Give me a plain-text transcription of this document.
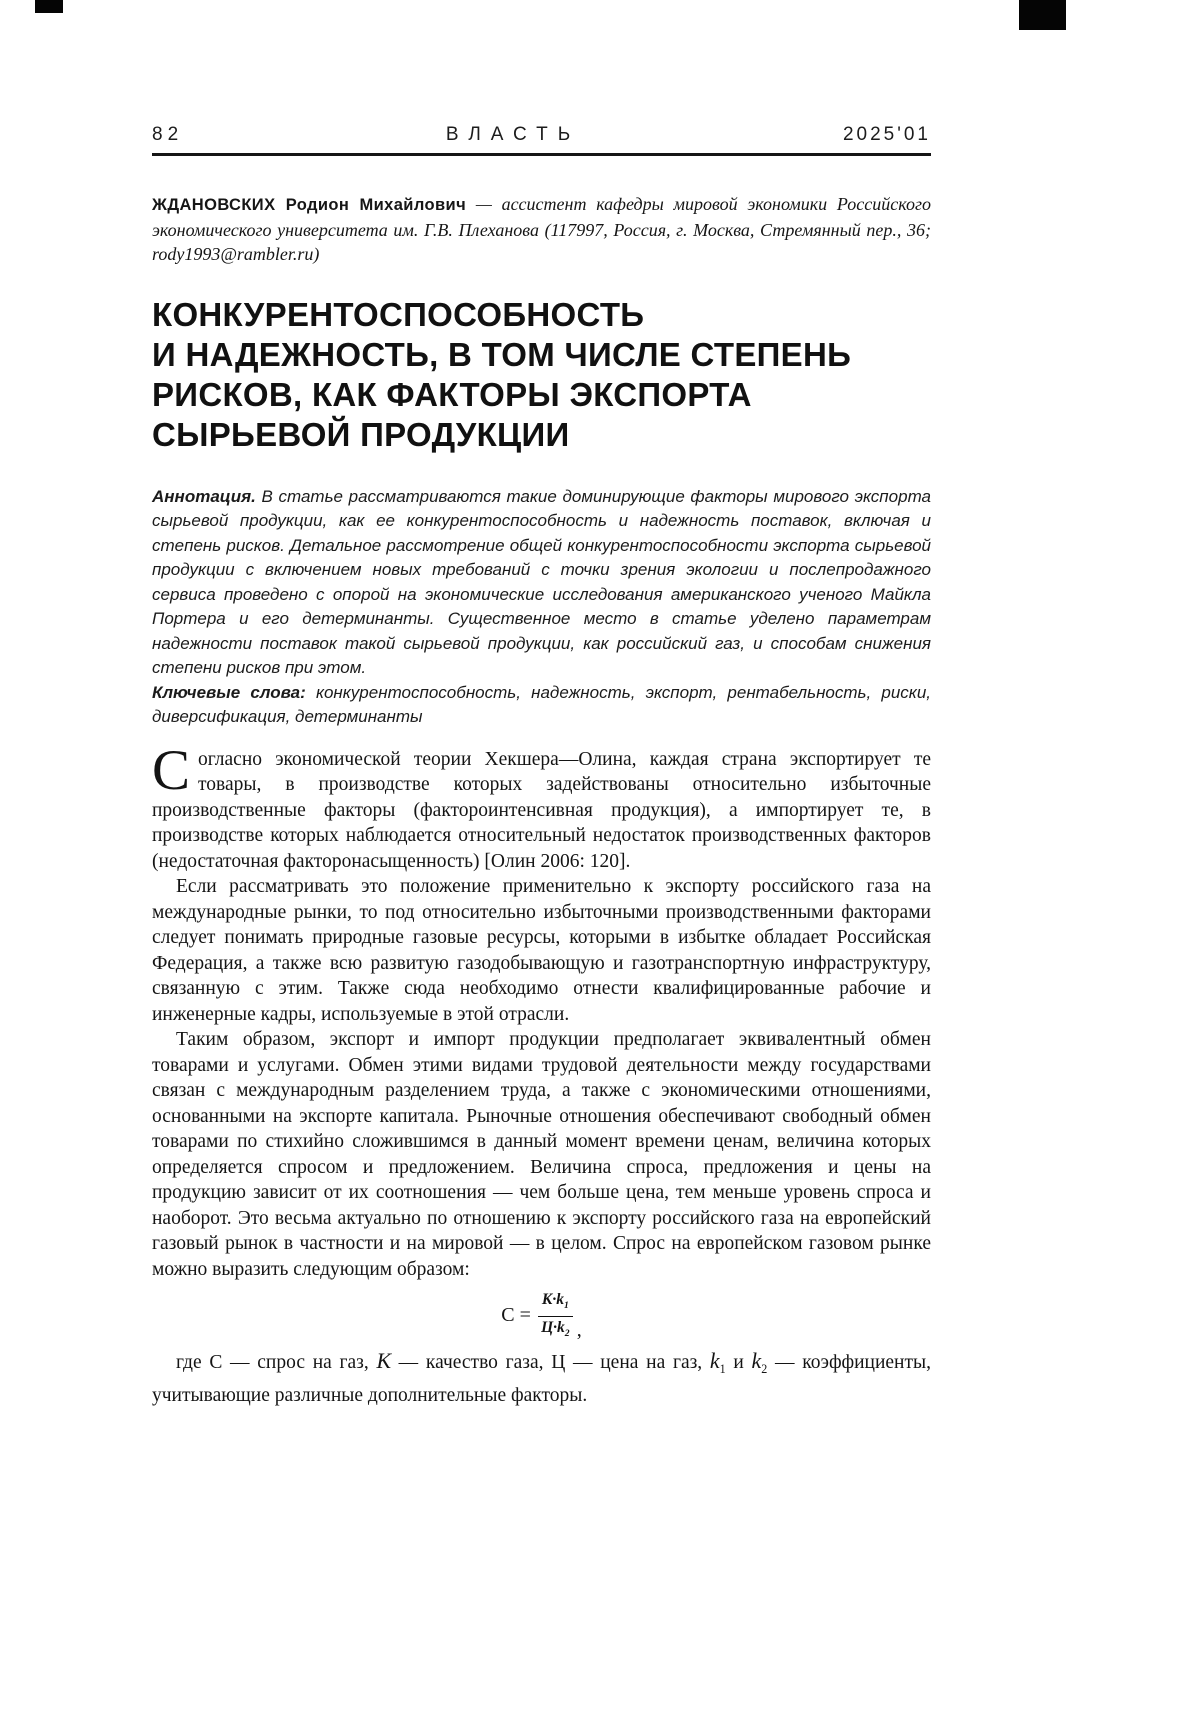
82	ВЛАСТЬ	2025'01

ЖДАНОВСКИХ Родион Михайлович — ассистент кафедры мировой экономики Российского экономического университета им. Г.В. Плеханова (117997, Россия, г. Москва, Стремянный пер., 36; rody1993@rambler.ru)

КОНКУРЕНТОСПОСОБНОСТЬ
И НАДЕЖНОСТЬ, В ТОМ ЧИСЛЕ СТЕПЕНЬ
РИСКОВ, КАК ФАКТОРЫ ЭКСПОРТА
СЫРЬЕВОЙ ПРОДУКЦИИ

Аннотация. В статье рассматриваются такие доминирующие факторы мирового экспорта сырьевой продукции, как ее конкурентоспособность и надежность поставок, включая и степень рисков. Детальное рассмотрение общей конкурентоспособности экспорта сырьевой продукции с включением новых требований с точки зрения экологии и послепродажного сервиса проведено с опорой на экономические исследования американского ученого Майкла Портера и его детерминанты. Существенное место в статье уделено параметрам надежности поставок такой сырьевой продукции, как российский газ, и способам снижения степени рисков при этом.

Ключевые слова: конкурентоспособность, надежность, экспорт, рентабельность, риски, диверсификация, детерминанты

Согласно экономической теории Хекшера—Олина, каждая страна экспортирует те товары, в производстве которых задействованы относительно избыточные производственные факторы (фактороинтенсивная продукция), а импортирует те, в производстве которых наблюдается относительный недостаток производственных факторов (недостаточная факторонасыщенность) [Олин 2006: 120].

Если рассматривать это положение применительно к экспорту российского газа на международные рынки, то под относительно избыточными производственными факторами следует понимать природные газовые ресурсы, которыми в избытке обладает Российская Федерация, а также всю развитую газодобывающую и газотранспортную инфраструктуру, связанную с этим. Также сюда необходимо отнести квалифицированные рабочие и инженерные кадры, используемые в этой отрасли.

Таким образом, экспорт и импорт продукции предполагает эквивалентный обмен товарами и услугами. Обмен этими видами трудовой деятельности между государствами связан с международным разделением труда, а также с экономическими отношениями, основанными на экспорте капитала. Рыночные отношения обеспечивают свободный обмен товарами по стихийно сложившимся в данный момент времени ценам, величина которых определяется спросом и предложением. Величина спроса, предложения и цены на продукцию зависит от их соотношения — чем больше цена, тем меньше уровень спроса и наоборот. Это весьма актуально по отношению к экспорту российского газа на европейский газовый рынок в частности и на мировой — в целом. Спрос на европейском газовом рынке можно выразить следующим образом:

$С = \frac{К\cdot k_1}{Ц\cdot k_2}$ ,

где С — спрос на газ, К — качество газа, Ц — цена на газ, $k_1$ и $k_2$ — коэффициенты, учитывающие различные дополнительные факторы.
